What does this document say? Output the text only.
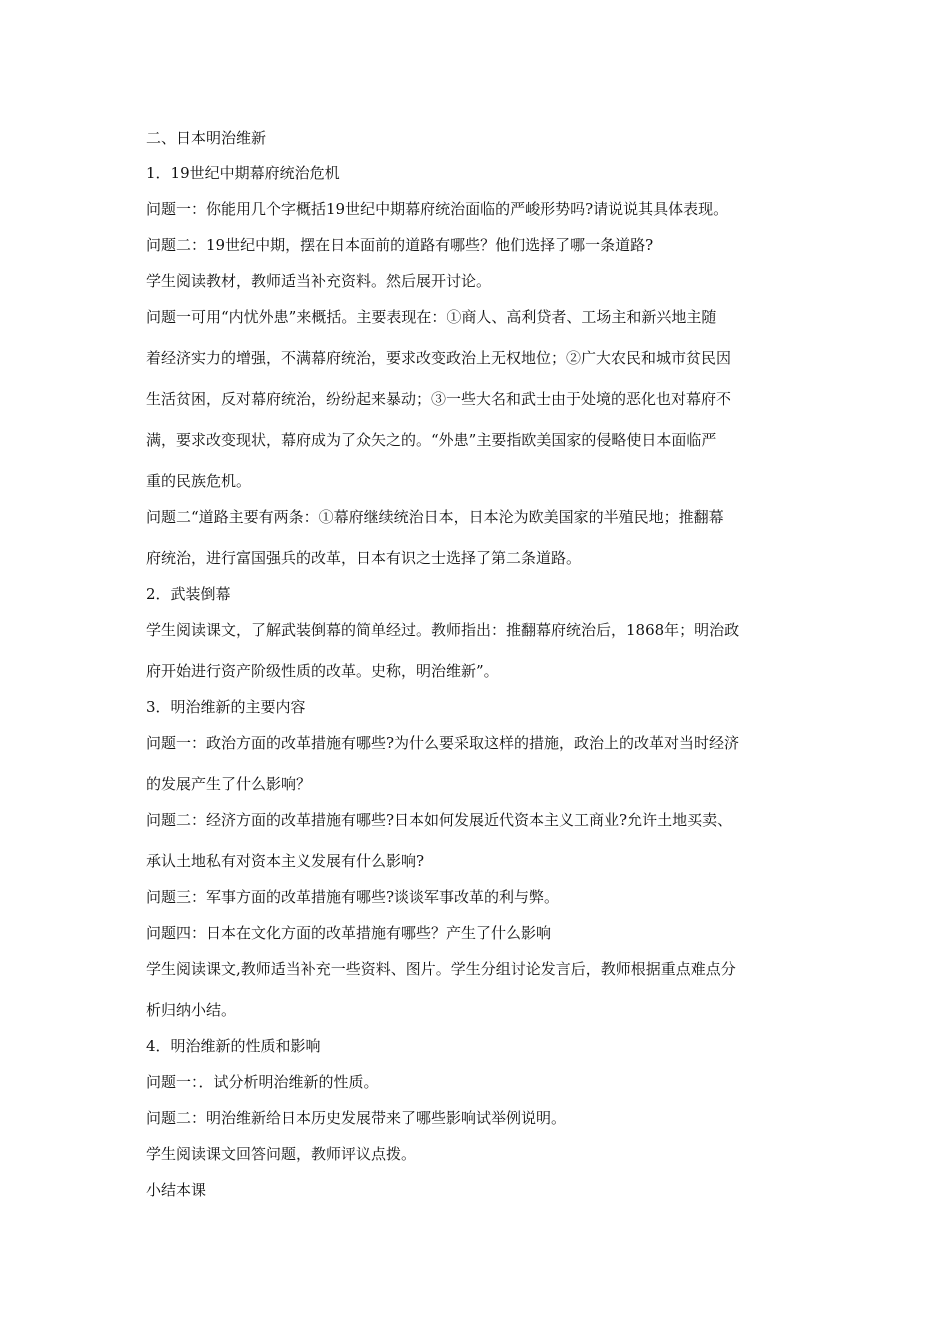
二、日本明治维新
1．19世纪中期幕府统治危机
问题一：你能用几个字概括19世纪中期幕府统治面临的严峻形势吗?请说说其具体表现。
问题二：19世纪中期，摆在日本面前的道路有哪些？他们选择了哪一条道路?
学生阅读教材，教师适当补充资料。然后展开讨论。
问题一可用“内忧外患”来概括。主要表现在：①商人、高利贷者、工场主和新兴地主随
着经济实力的增强，不满幕府统治，要求改变政治上无权地位；②广大农民和城市贫民因
生活贫困，反对幕府统治，纷纷起来暴动；③一些大名和武士由于处境的恶化也对幕府不
满，要求改变现状，幕府成为了众矢之的。“外患”主要指欧美国家的侵略使日本面临严
重的民族危机。
问题二“道路主要有两条：①幕府继续统治日本，日本沦为欧美国家的半殖民地；推翻幕
府统治，进行富国强兵的改革，日本有识之士选择了第二条道路。
2．武装倒幕
学生阅读课文，了解武装倒幕的简单经过。教师指出：推翻幕府统治后，1868年；明治政
府开始进行资产阶级性质的改革。史称，明治维新”。
3．明治维新的主要内容
问题一：政治方面的改革措施有哪些?为什么要采取这样的措施，政治上的改革对当时经济
的发展产生了什么影响？
问题二：经济方面的改革措施有哪些?日本如何发展近代资本主义工商业?允许土地买卖、
承认土地私有对资本主义发展有什么影响?
问题三：军事方面的改革措施有哪些?谈谈军事改革的利与弊。
问题四：日本在文化方面的改革措施有哪些？产生了什么影响
学生阅读课文,教师适当补充一些资料、图片。学生分组讨论发言后，教师根据重点难点分
析归纳小结。
4．明治维新的性质和影响
问题一：．试分析明治维新的性质。
问题二：明治维新给日本历史发展带来了哪些影响试举例说明。
学生阅读课文回答问题，教师评议点拨。
小结本课
